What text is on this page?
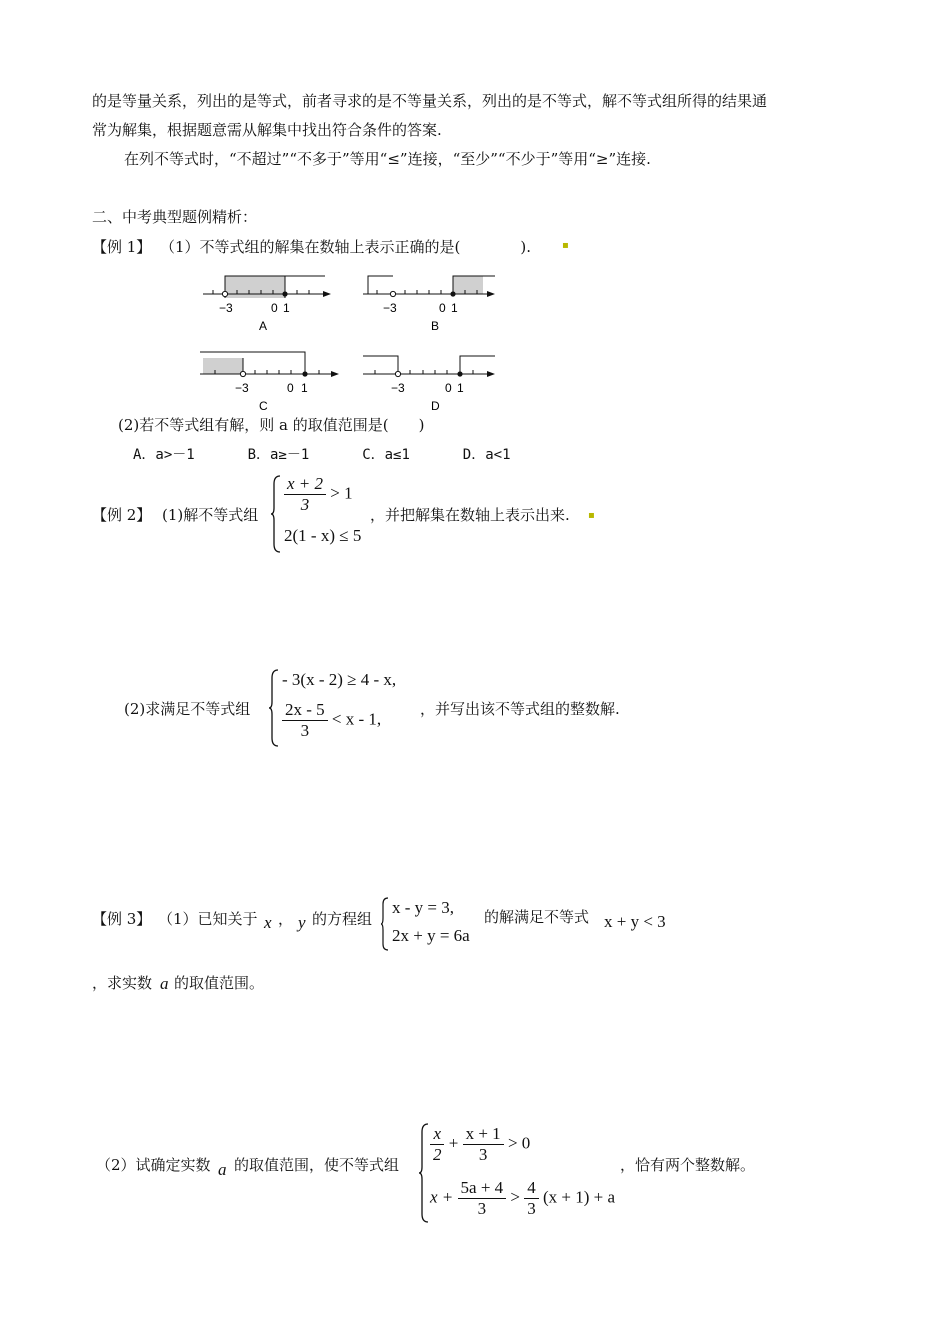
的是等量关系，列出的是等式，前者寻求的是不等量关系，列出的是不等式，解不等式组所得的结果通
常为解集，根据题意需从解集中找出符合条件的答案.
在列不等式时，“不超过”“不多于”等用“≤”连接，“至少”“不少于”等用“≥”连接.
二、中考典型题例精析：
【例 1】 （1）不等式组的解集在数轴上表示正确的是(　　　　).	▪
−3	0 1
A
−3	0 1
B
−3	0 1
C
−3	0 1
D
(2)若不等式组有解，则 a 的取值范围是(　　)
A．a>－1	B．a≥－1	C．a≤1	D．a<1
【例 2】 (1)解不等式组 $\frac{x + 2}{3} > 1$
2(1 - x) ≤ 5
，并把解集在数轴上表示出来. ▪
(2)求满足不等式组
- 3(x - 2) ≥ 4 - x,
$\frac{2x - 5}{3} < x - 1$,
，并写出该不等式组的整数解.
【例 3】 （1）已知关于 x ， y 的方程组
x - y = 3,
2x + y = 6a
的解满足不等式 x + y < 3
，求实数 a 的取值范围。
（2）试确定实数 a 的取值范围，使不等式组 $\frac{x}{2} + \frac{x + 1}{3} > 0$
$x + \frac{5a + 4}{3} > \frac{4}{3} (x + 1) + a$
，恰有两个整数解。
